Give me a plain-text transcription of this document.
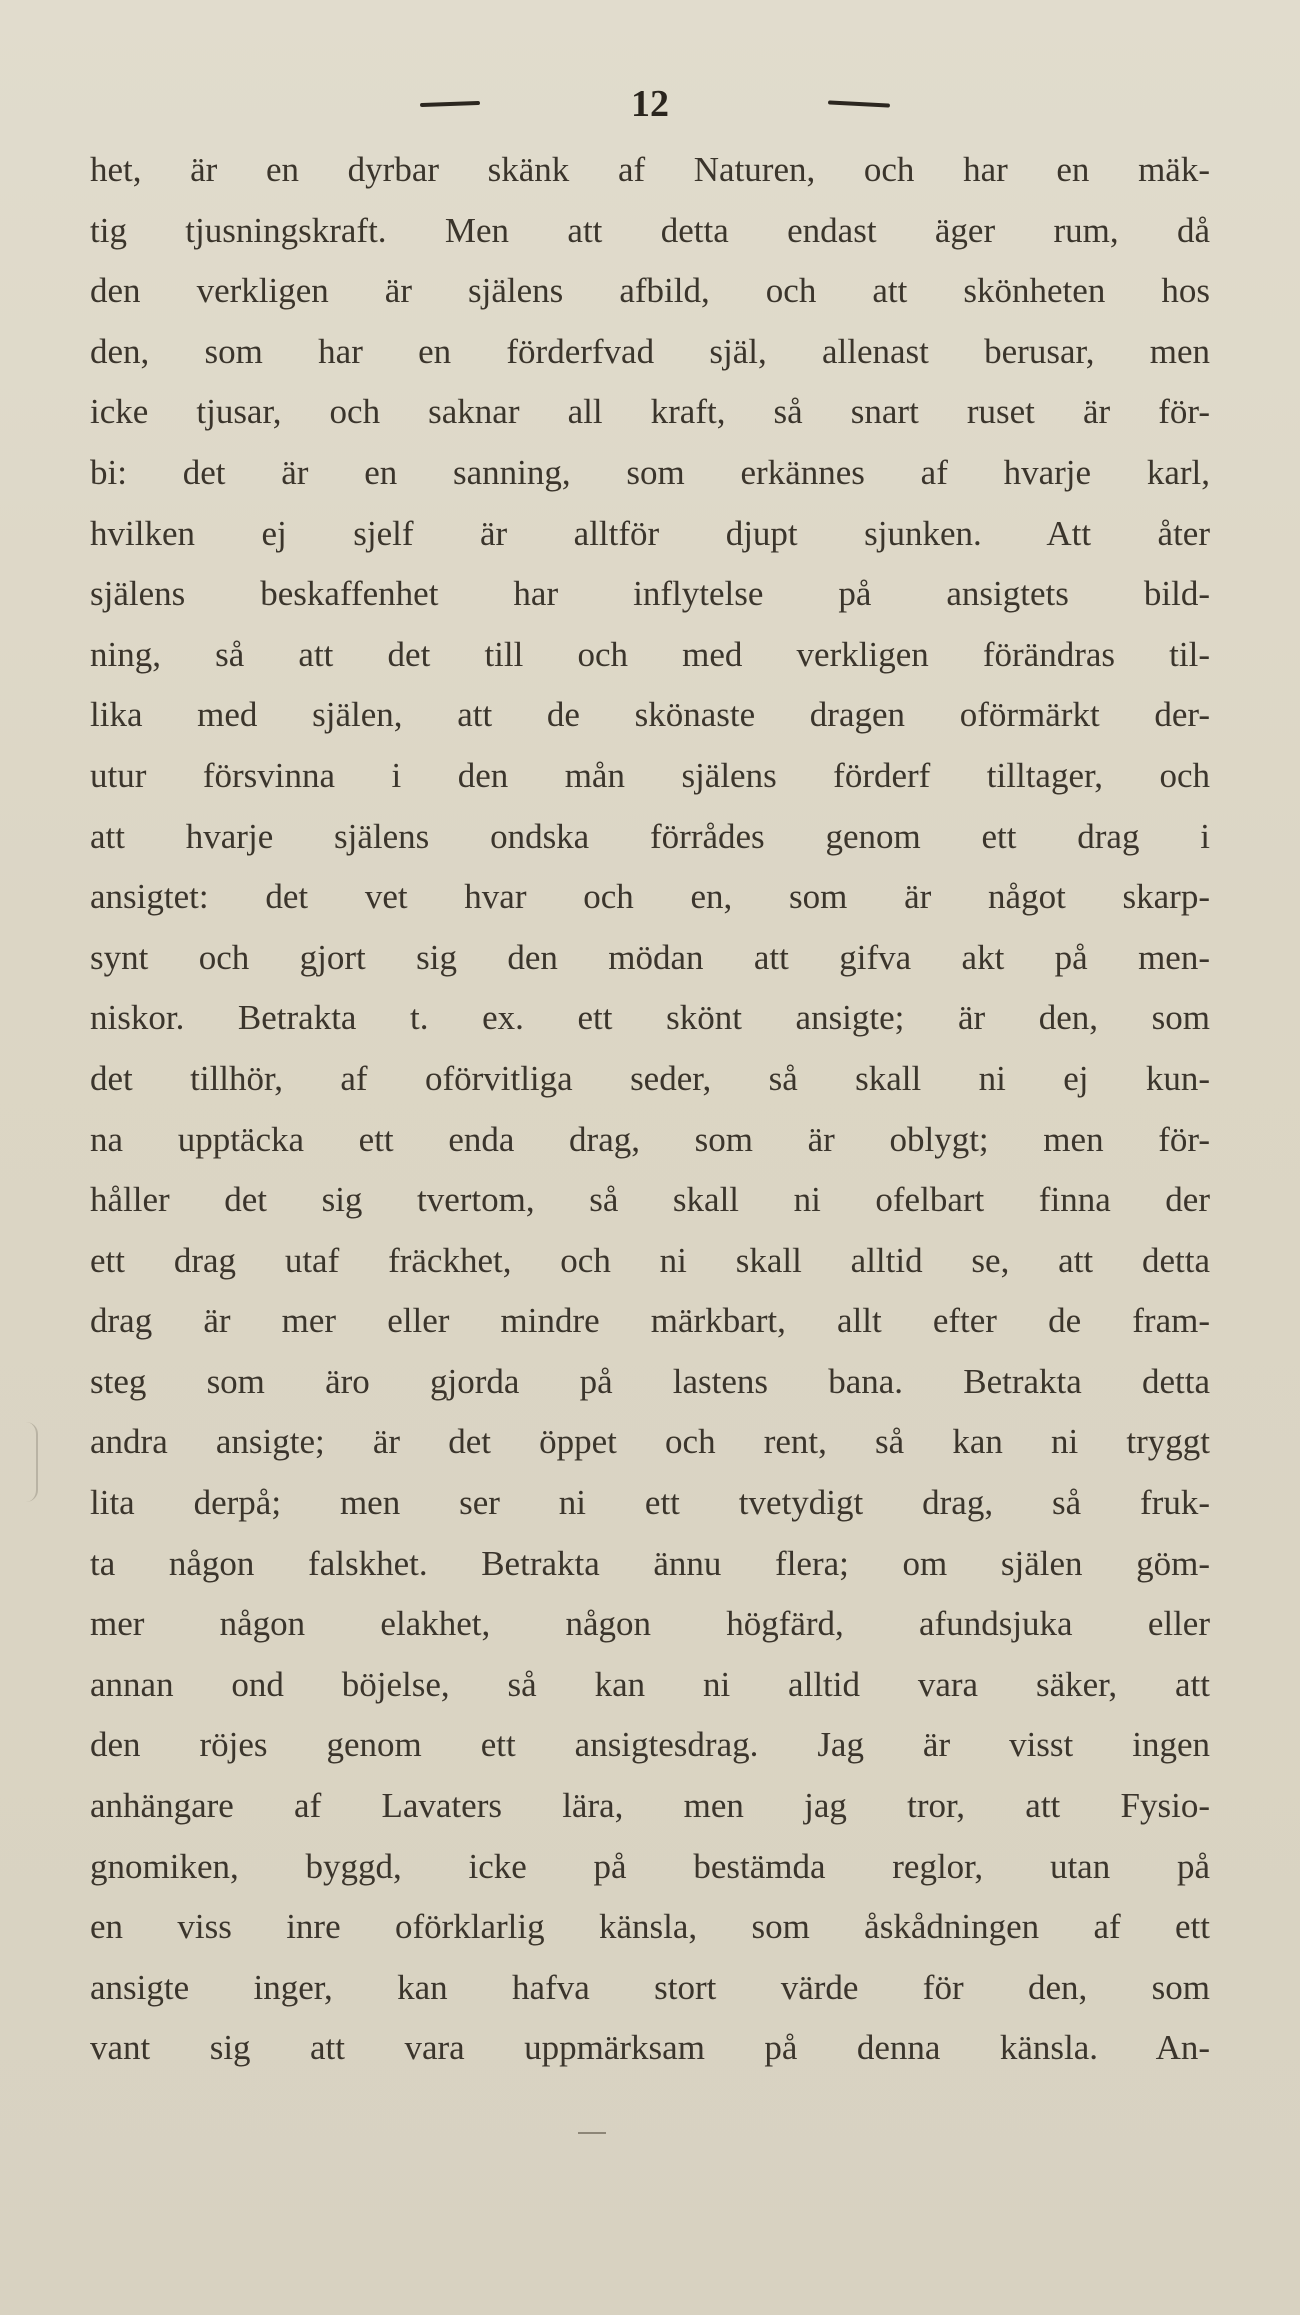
12
het, är en dyrbar skänk af Naturen, och har en mäk-
tig tjusningskraft. Men att detta endast äger rum, då
den verkligen är själens afbild, och att skönheten hos
den, som har en förderfvad själ, allenast berusar, men
icke tjusar, och saknar all kraft, så snart ruset är för-
bi: det är en sanning, som erkännes af hvarje karl,
hvilken ej sjelf är alltför djupt sjunken. Att åter
själens beskaffenhet har inflytelse på ansigtets bild-
ning, så att det till och med verkligen förändras til-
lika med själen, att de skönaste dragen oförmärkt der-
utur försvinna i den mån själens förderf tilltager, och
att hvarje själens ondska förrådes genom ett drag i
ansigtet: det vet hvar och en, som är något skarp-
synt och gjort sig den mödan att gifva akt på men-
niskor. Betrakta t. ex. ett skönt ansigte; är den, som
det tillhör, af oförvitliga seder, så skall ni ej kun-
na upptäcka ett enda drag, som är oblygt; men för-
håller det sig tvertom, så skall ni ofelbart finna der
ett drag utaf fräckhet, och ni skall alltid se, att detta
drag är mer eller mindre märkbart, allt efter de fram-
steg som äro gjorda på lastens bana. Betrakta detta
andra ansigte; är det öppet och rent, så kan ni tryggt
lita derpå; men ser ni ett tvetydigt drag, så fruk-
ta någon falskhet. Betrakta ännu flera; om själen göm-
mer någon elakhet, någon högfärd, afundsjuka eller
annan ond böjelse, så kan ni alltid vara säker, att
den röjes genom ett ansigtesdrag. Jag är visst ingen
anhängare af Lavaters lära, men jag tror, att Fysio-
gnomiken, byggd, icke på bestämda reglor, utan på
en viss inre oförklarlig känsla, som åskådningen af ett
ansigte inger, kan hafva stort värde för den, som
vant sig att vara uppmärksam på denna känsla. An-
